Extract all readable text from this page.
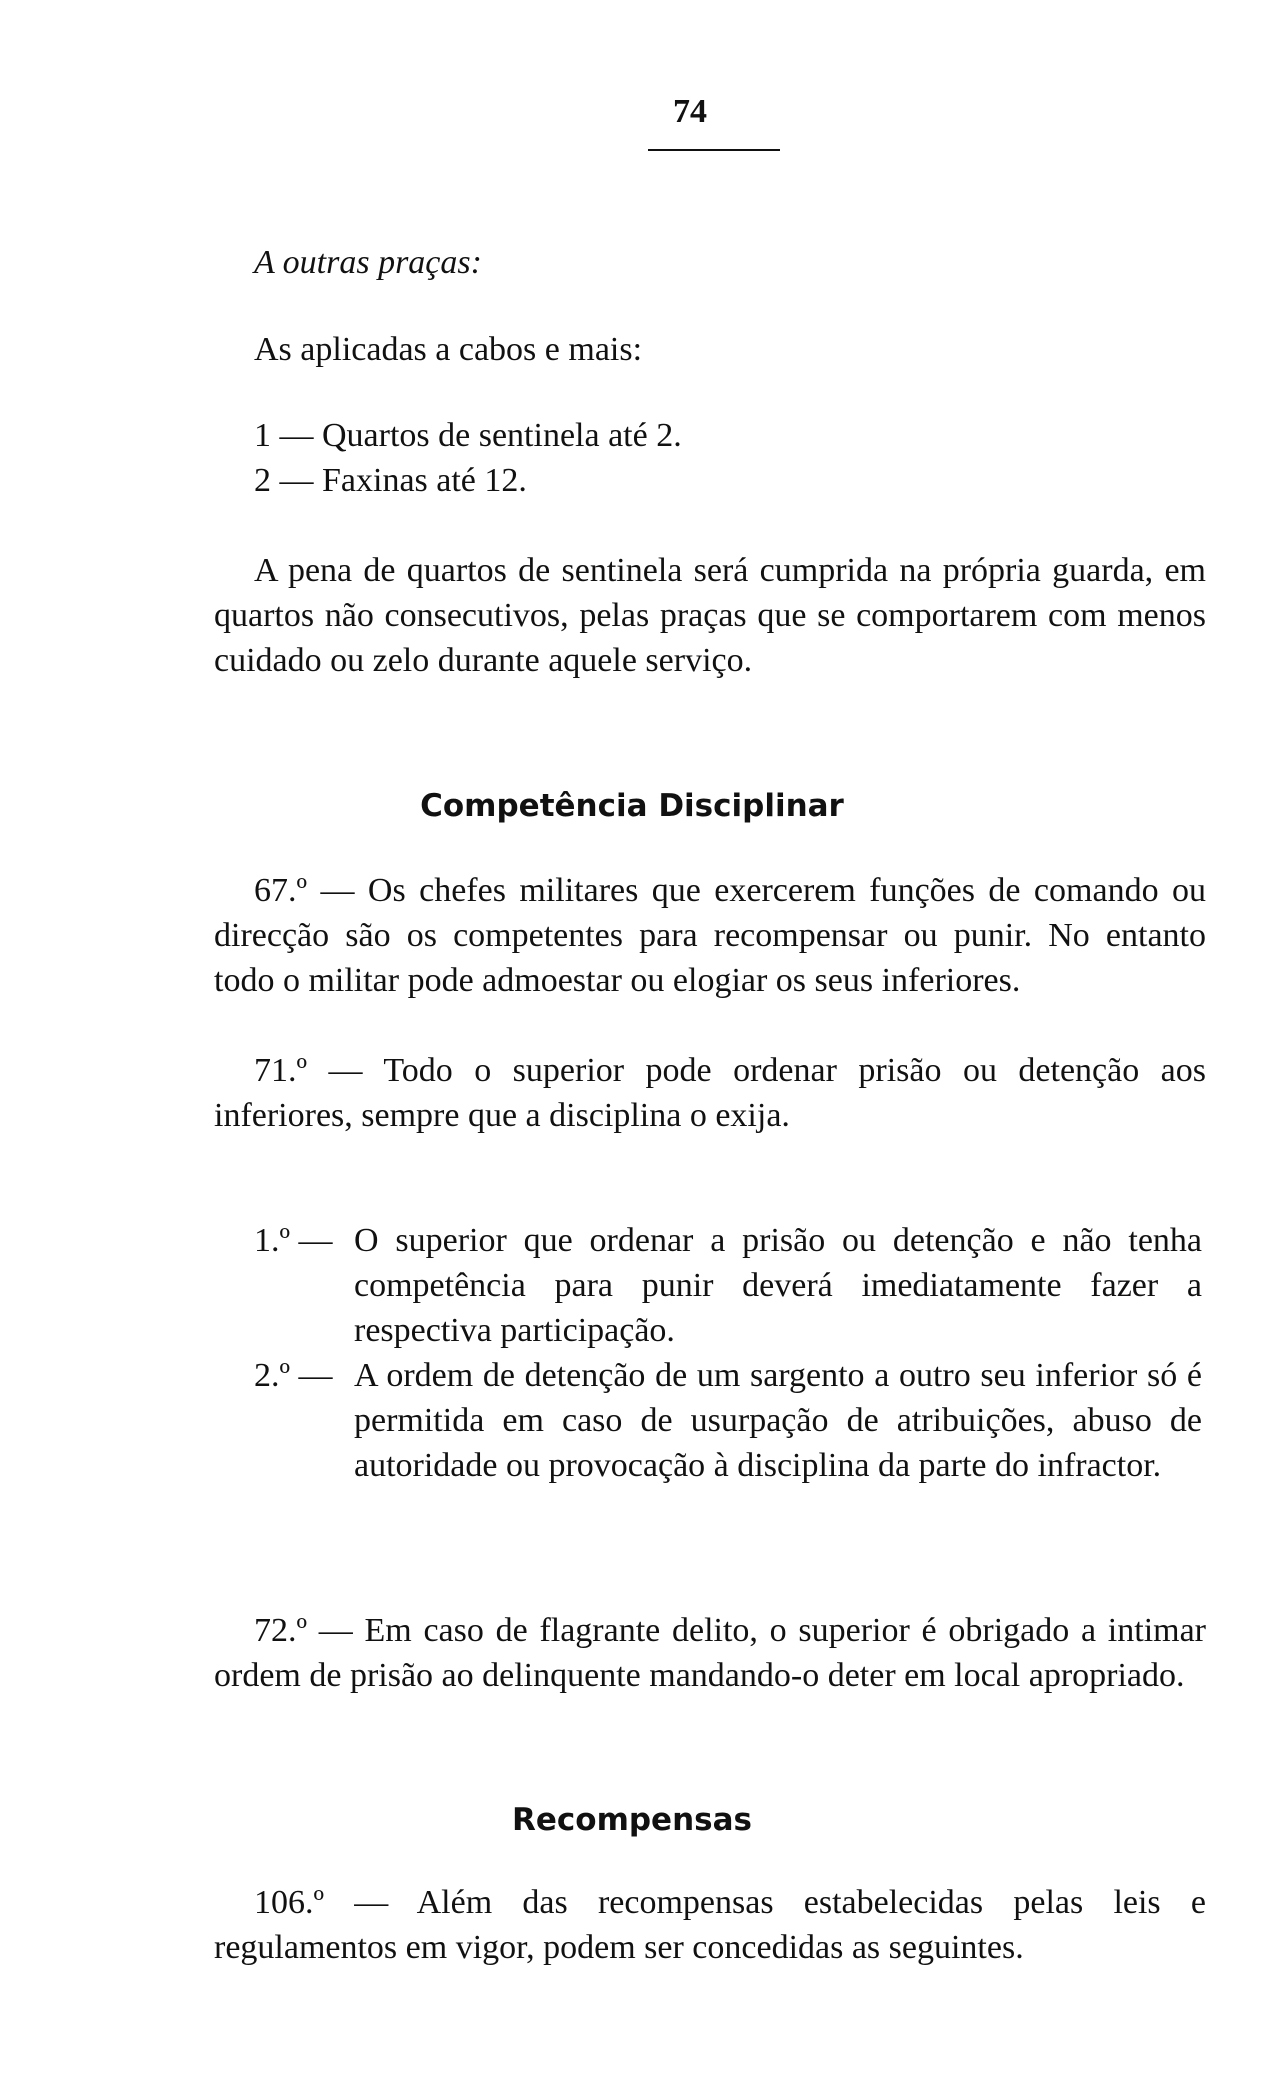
74
A outras praças:
As aplicadas a cabos e mais:
1 — Quartos de sentinela até 2.
2 — Faxinas até 12.
A pena de quartos de sentinela será cumprida na própria guarda, em quartos não consecutivos, pelas praças que se comportarem com menos cuidado ou zelo durante aquele serviço.
Competência Disciplinar
67.º — Os chefes militares que exercerem funções de comando ou direcção são os competentes para recompensar ou punir. No entanto todo o militar pode admoestar ou elogiar os seus inferiores.
71.º — Todo o superior pode ordenar prisão ou detenção aos inferiores, sempre que a disciplina o exija.
1.º — O superior que ordenar a prisão ou detenção e não tenha competência para punir deverá imediatamente fazer a respectiva participação.
2.º — A ordem de detenção de um sargento a outro seu inferior só é permitida em caso de usurpação de atribuições, abuso de autoridade ou provocação à disciplina da parte do infractor.
72.º — Em caso de flagrante delito, o superior é obrigado a intimar ordem de prisão ao delinquente mandando-o deter em local apropriado.
Recompensas
106.º — Além das recompensas estabelecidas pelas leis e regulamentos em vigor, podem ser concedidas as seguintes.
